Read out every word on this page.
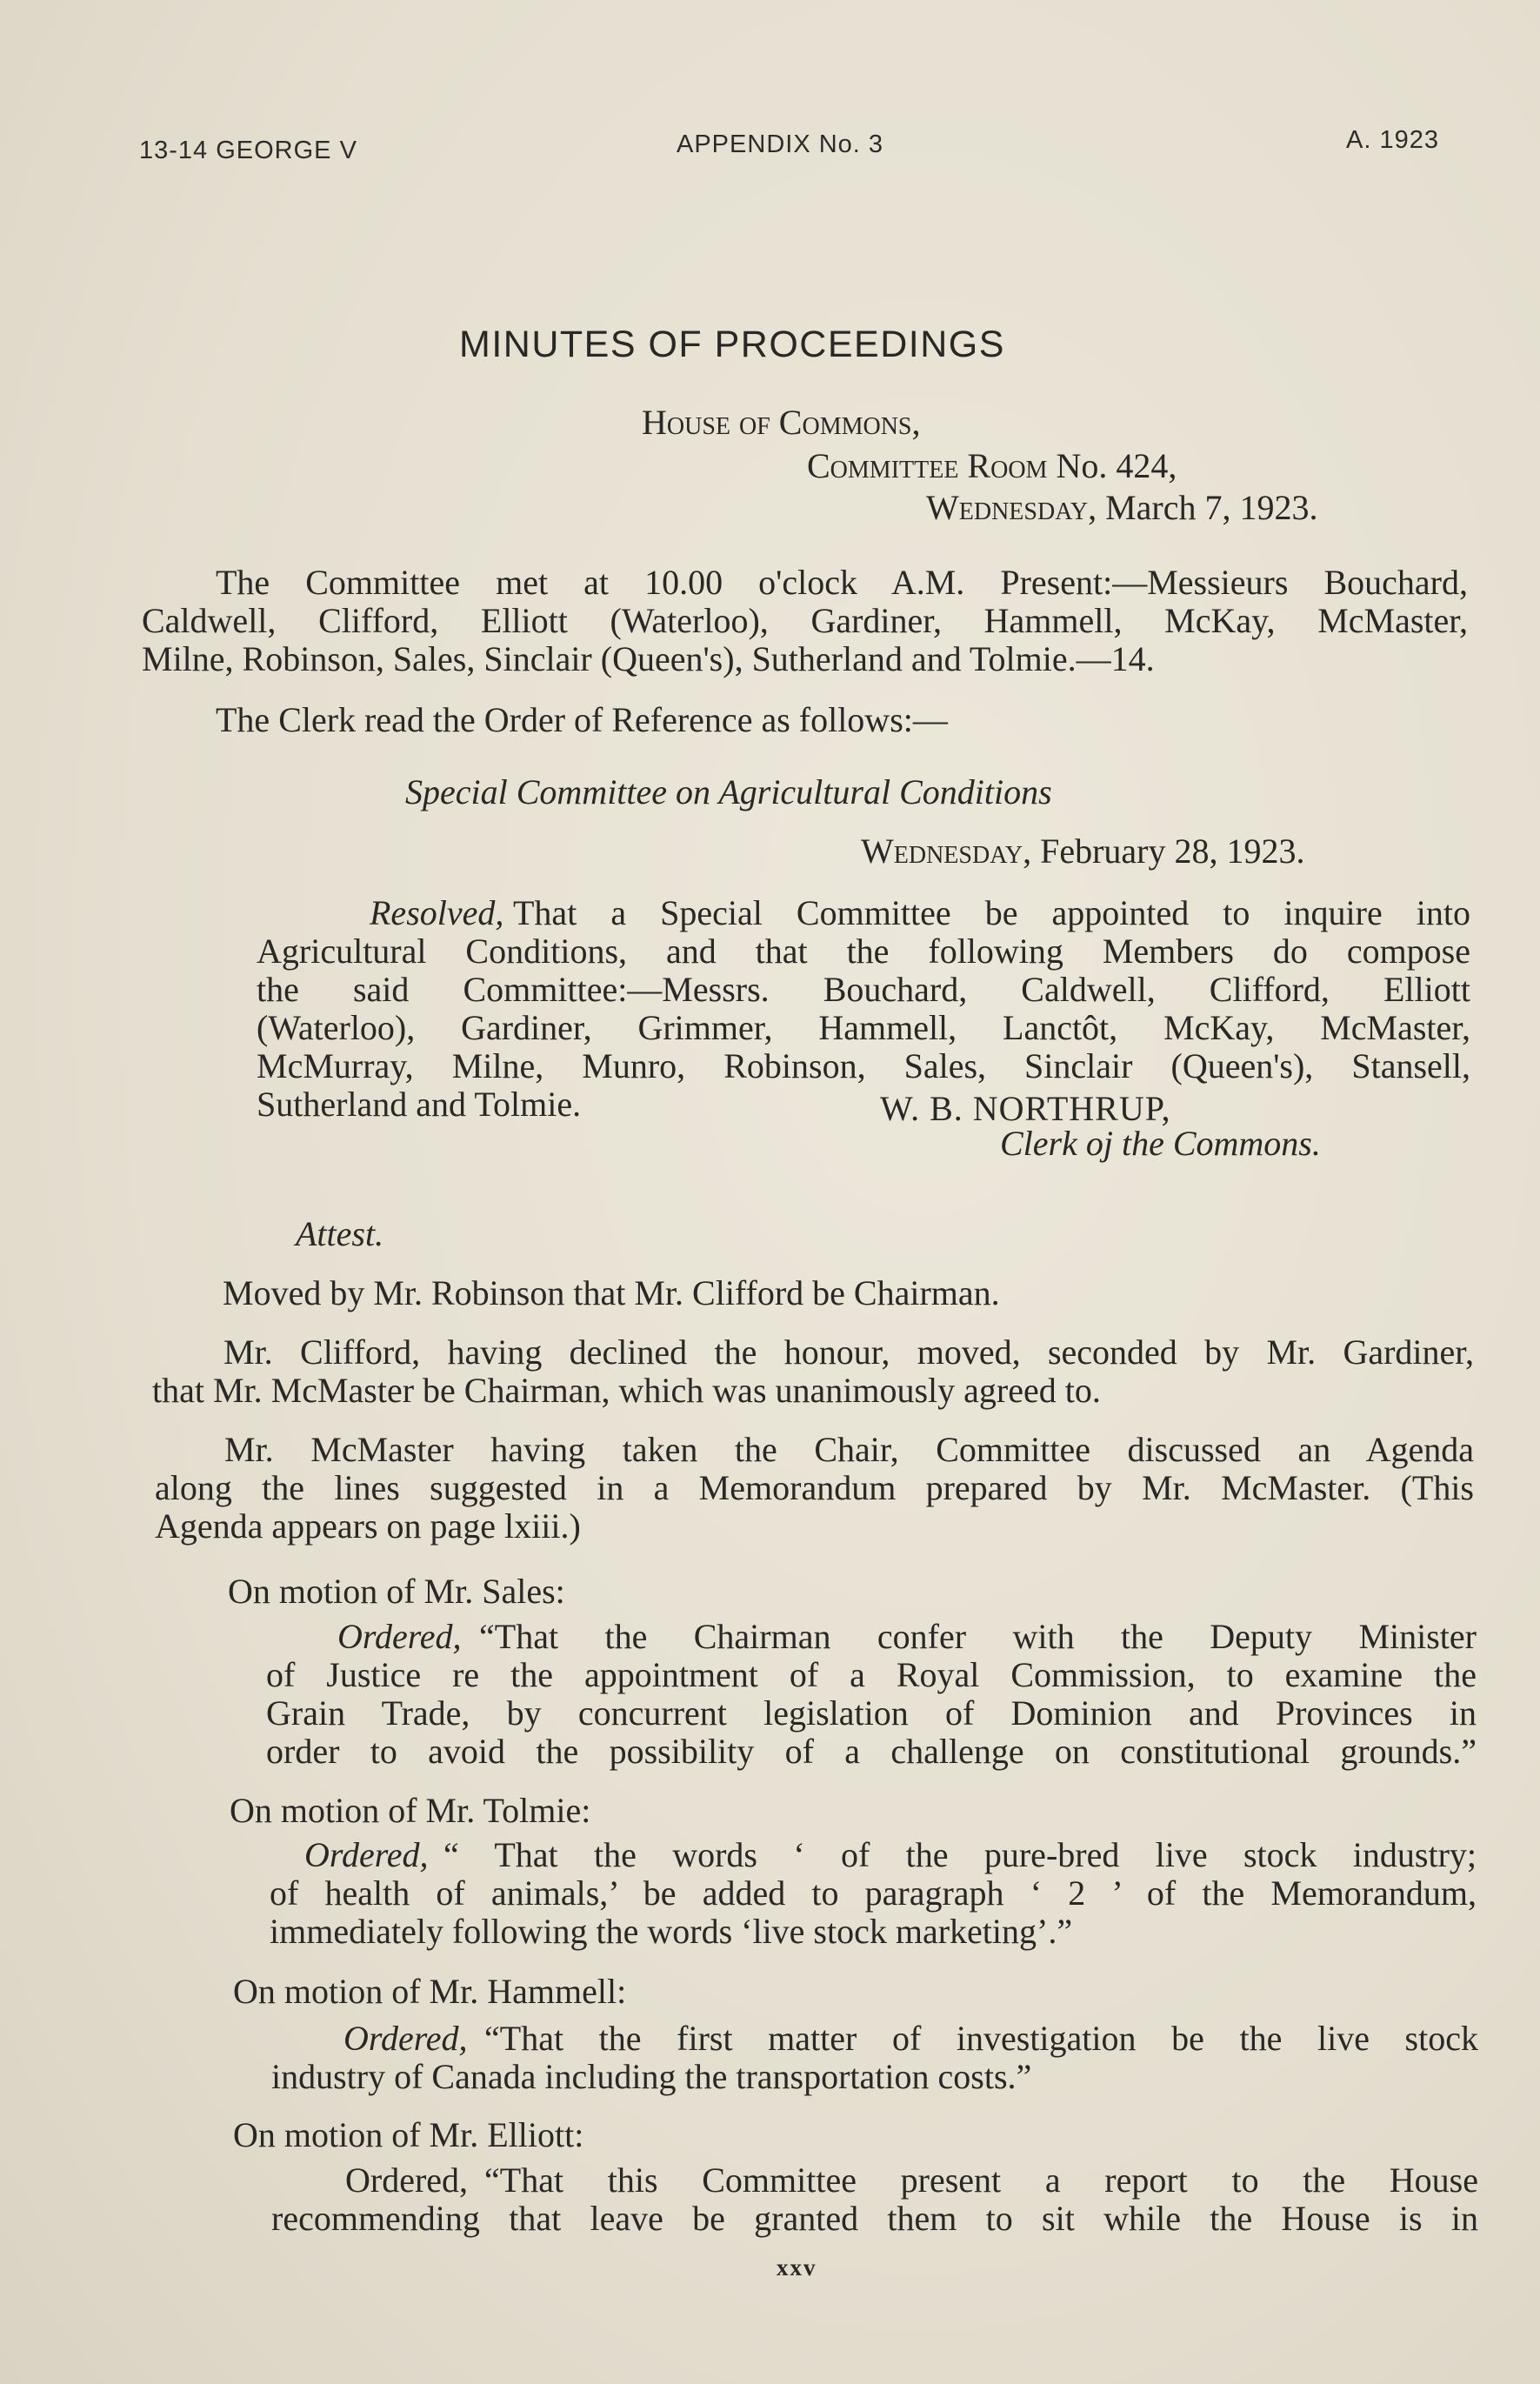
13-14 GEORGE V	APPENDIX No. 3	A. 1923
MINUTES OF PROCEEDINGS
House of Commons,
Committee Room No. 424,
Wednesday, March 7, 1923.
The Committee met at 10.00 o'clock A.M. Present:—Messieurs Bouchard,
Caldwell, Clifford, Elliott (Waterloo), Gardiner, Hammell, McKay, McMaster,
Milne, Robinson, Sales, Sinclair (Queen's), Sutherland and Tolmie.—14.
The Clerk read the Order of Reference as follows:—
Special Committee on Agricultural Conditions
Wednesday, February 28, 1923.
Resolved, That a Special Committee be appointed to inquire into
Agricultural Conditions, and that the following Members do compose
the said Committee:—Messrs. Bouchard, Caldwell, Clifford, Elliott
(Waterloo), Gardiner, Grimmer, Hammell, Lanctôt, McKay, McMaster,
McMurray, Milne, Munro, Robinson, Sales, Sinclair (Queen's), Stansell,
Sutherland and Tolmie.	W. B. NORTHRUP,
Clerk oj the Commons.
Attest.
Moved by Mr. Robinson that Mr. Clifford be Chairman.
Mr. Clifford, having declined the honour, moved, seconded by Mr. Gardiner,
that Mr. McMaster be Chairman, which was unanimously agreed to.
Mr. McMaster having taken the Chair, Committee discussed an Agenda
along the lines suggested in a Memorandum prepared by Mr. McMaster. (This
Agenda appears on page lxiii.)
On motion of Mr. Sales:
Ordered, “That the Chairman confer with the Deputy Minister
of Justice re the appointment of a Royal Commission, to examine the
Grain Trade, by concurrent legislation of Dominion and Provinces in
order to avoid the possibility of a challenge on constitutional grounds.”
On motion of Mr. Tolmie:
Ordered, “ That the words ‘ of the pure-bred live stock industry;
of health of animals,’ be added to paragraph ‘ 2 ’ of the Memorandum,
immediately following the words ‘live stock marketing’.”
On motion of Mr. Hammell:
Ordered, “That the first matter of investigation be the live stock
industry of Canada including the transportation costs.”
On motion of Mr. Elliott:
Ordered, “That this Committee present a report to the House
recommending that leave be granted them to sit while the House is in
xxv
